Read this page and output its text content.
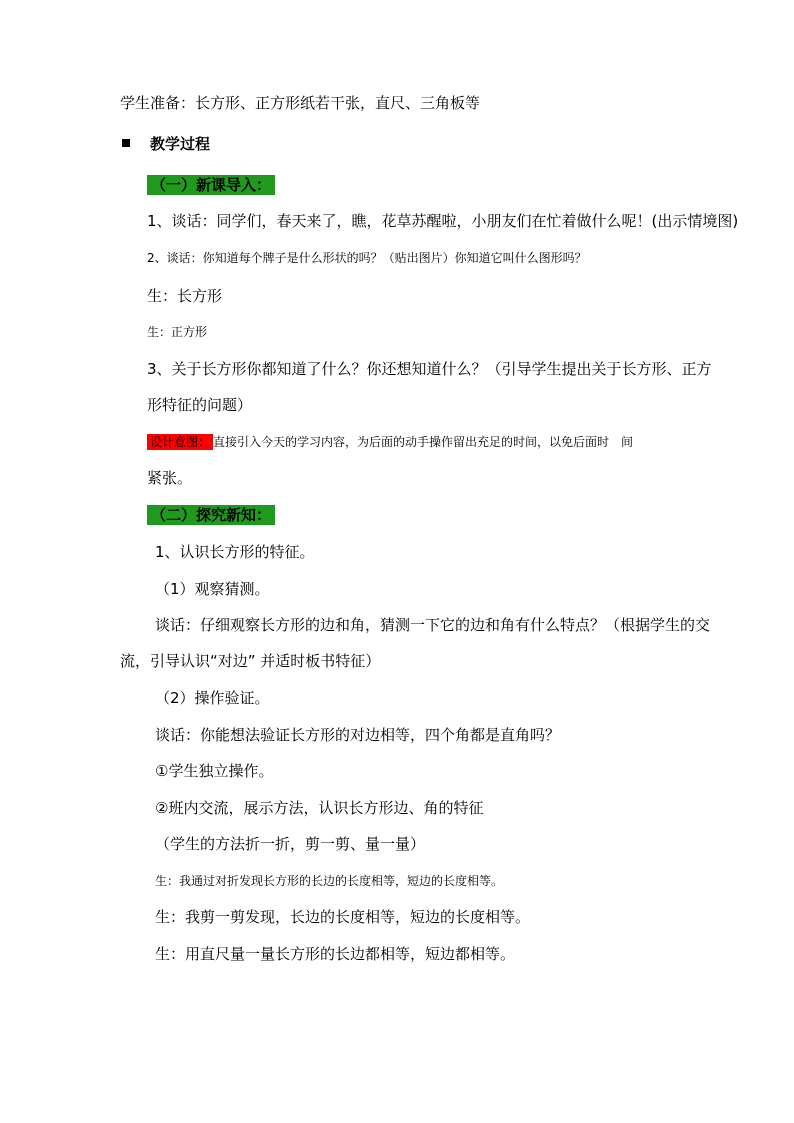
学生准备：长方形、正方形纸若干张，直尺、三角板等
教学过程
（一）新课导入：
1、谈话：同学们，春天来了，瞧，花草苏醒啦，小朋友们在忙着做什么呢！(出示情境图)
2、谈话：你知道每个牌子是什么形状的吗？（贴出图片）你知道它叫什么图形吗？
生：长方形
生：正方形
3、关于长方形你都知道了什么？你还想知道什么？（引导学生提出关于长方形、正方
形特征的问题）
设计意图： 直接引入今天的学习内容，为后面的动手操作留出充足的时间，以免后面时　间
紧张。
（二）探究新知：
1、认识长方形的特征。
（1）观察猜测。
谈话：仔细观察长方形的边和角，猜测一下它的边和角有什么特点？（根据学生的交
流，引导认识“对边” 并适时板书特征）
（2）操作验证。
谈话：你能想法验证长方形的对边相等，四个角都是直角吗？
①学生独立操作。
②班内交流，展示方法，认识长方形边、角的特征
（学生的方法折一折，剪一剪、量一量）
生：我通过对折发现长方形的长边的长度相等，短边的长度相等。
生：我剪一剪发现，长边的长度相等，短边的长度相等。
生：用直尺量一量长方形的长边都相等，短边都相等。
